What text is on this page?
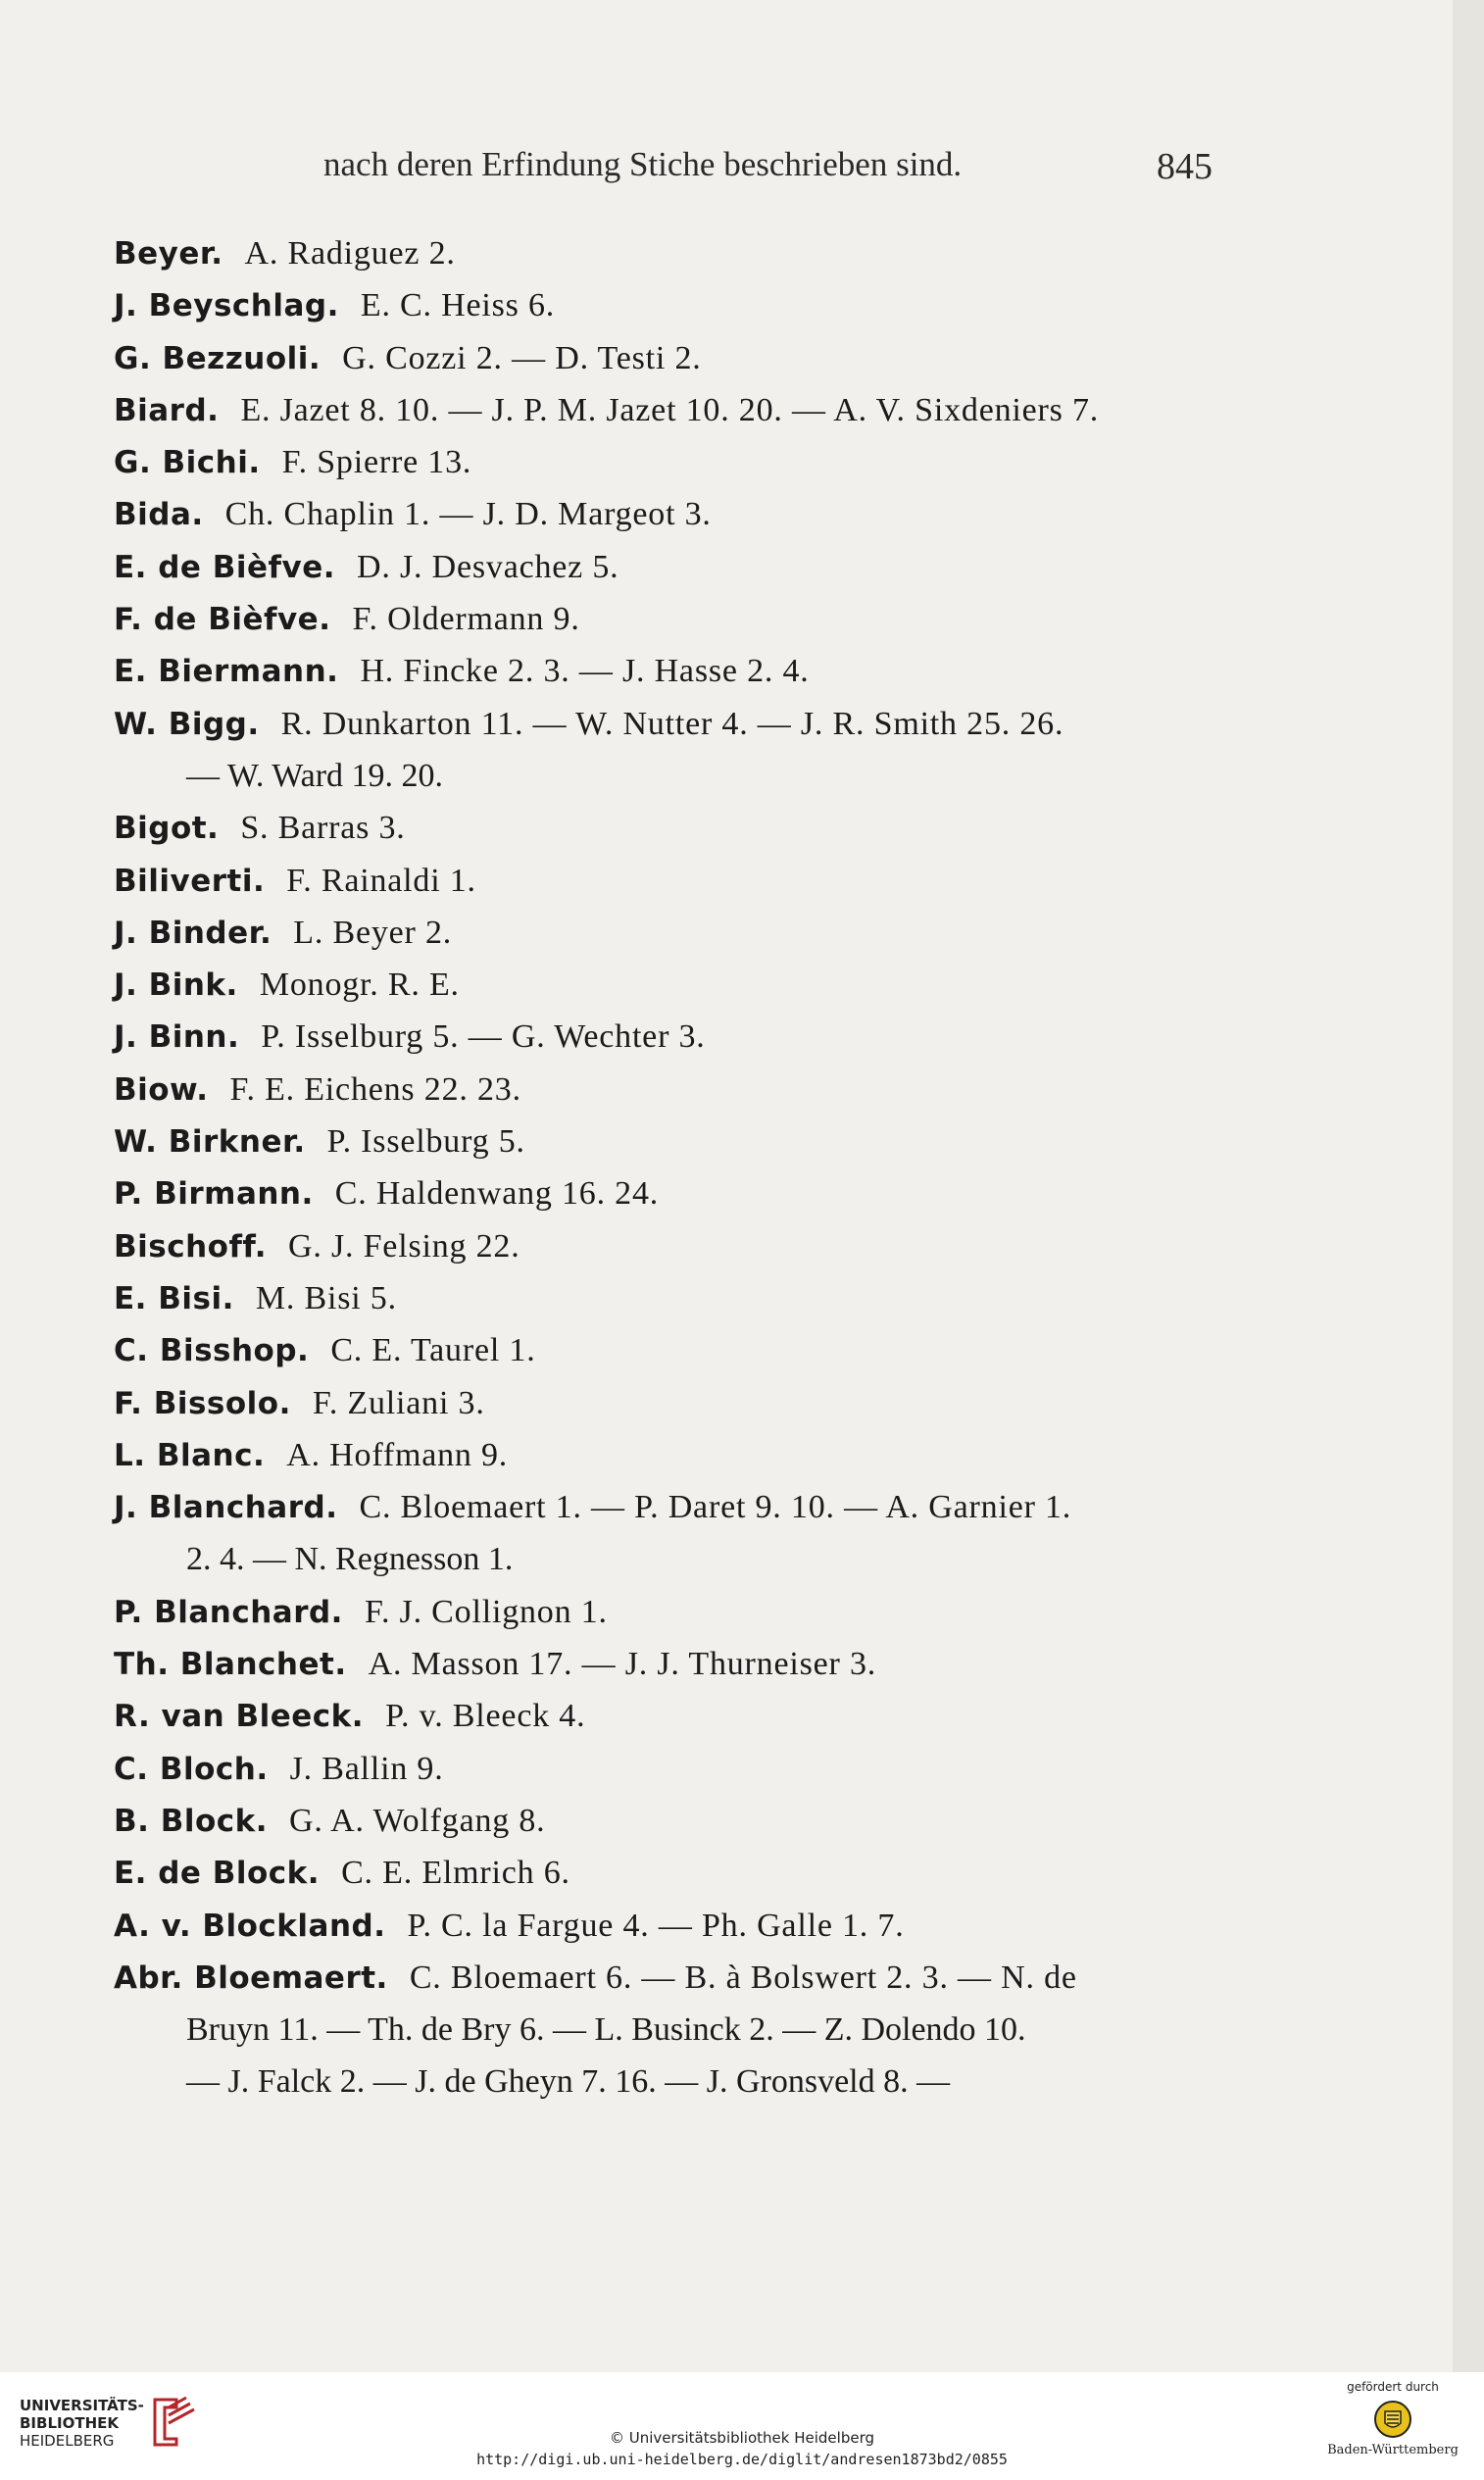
nach deren Erfindung Stiche beschrieben sind.	845
Beyer. A. Radiguez 2.
J. Beyschlag. E. C. Heiss 6.
G. Bezzuoli. G. Cozzi 2. — D. Testi 2.
Biard. E. Jazet 8. 10. — J. P. M. Jazet 10. 20. — A. V. Sixdeniers 7.
G. Bichi. F. Spierre 13.
Bida. Ch. Chaplin 1. — J. D. Margeot 3.
E. de Bièfve. D. J. Desvachez 5.
F. de Bièfve. F. Oldermann 9.
E. Biermann. H. Fincke 2. 3. — J. Hasse 2. 4.
W. Bigg. R. Dunkarton 11. — W. Nutter 4. — J. R. Smith 25. 26.
— W. Ward 19. 20.
Bigot. S. Barras 3.
Biliverti. F. Rainaldi 1.
J. Binder. L. Beyer 2.
J. Bink. Monogr. R. E.
J. Binn. P. Isselburg 5. — G. Wechter 3.
Biow. F. E. Eichens 22. 23.
W. Birkner. P. Isselburg 5.
P. Birmann. C. Haldenwang 16. 24.
Bischoff. G. J. Felsing 22.
E. Bisi. M. Bisi 5.
C. Bisshop. C. E. Taurel 1.
F. Bissolo. F. Zuliani 3.
L. Blanc. A. Hoffmann 9.
J. Blanchard. C. Bloemaert 1. — P. Daret 9. 10. — A. Garnier 1.
2. 4. — N. Regnesson 1.
P. Blanchard. F. J. Collignon 1.
Th. Blanchet. A. Masson 17. — J. J. Thurneiser 3.
R. van Bleeck. P. v. Bleeck 4.
C. Bloch. J. Ballin 9.
B. Block. G. A. Wolfgang 8.
E. de Block. C. E. Elmrich 6.
A. v. Blockland. P. C. la Fargue 4. — Ph. Galle 1. 7.
Abr. Bloemaert. C. Bloemaert 6. — B. à Bolswert 2. 3. — N. de
Bruyn 11. — Th. de Bry 6. — L. Businck 2. — Z. Dolendo 10.
— J. Falck 2. — J. de Gheyn 7. 16. — J. Gronsveld 8. —
UNIVERSITÄTS-
BIBLIOTHEK
HEIDELBERG	© Universitätsbibliothek Heidelberg
http://digi.ub.uni-heidelberg.de/diglit/andresen1873bd2/0855
gefördert durch
Baden-Württemberg
